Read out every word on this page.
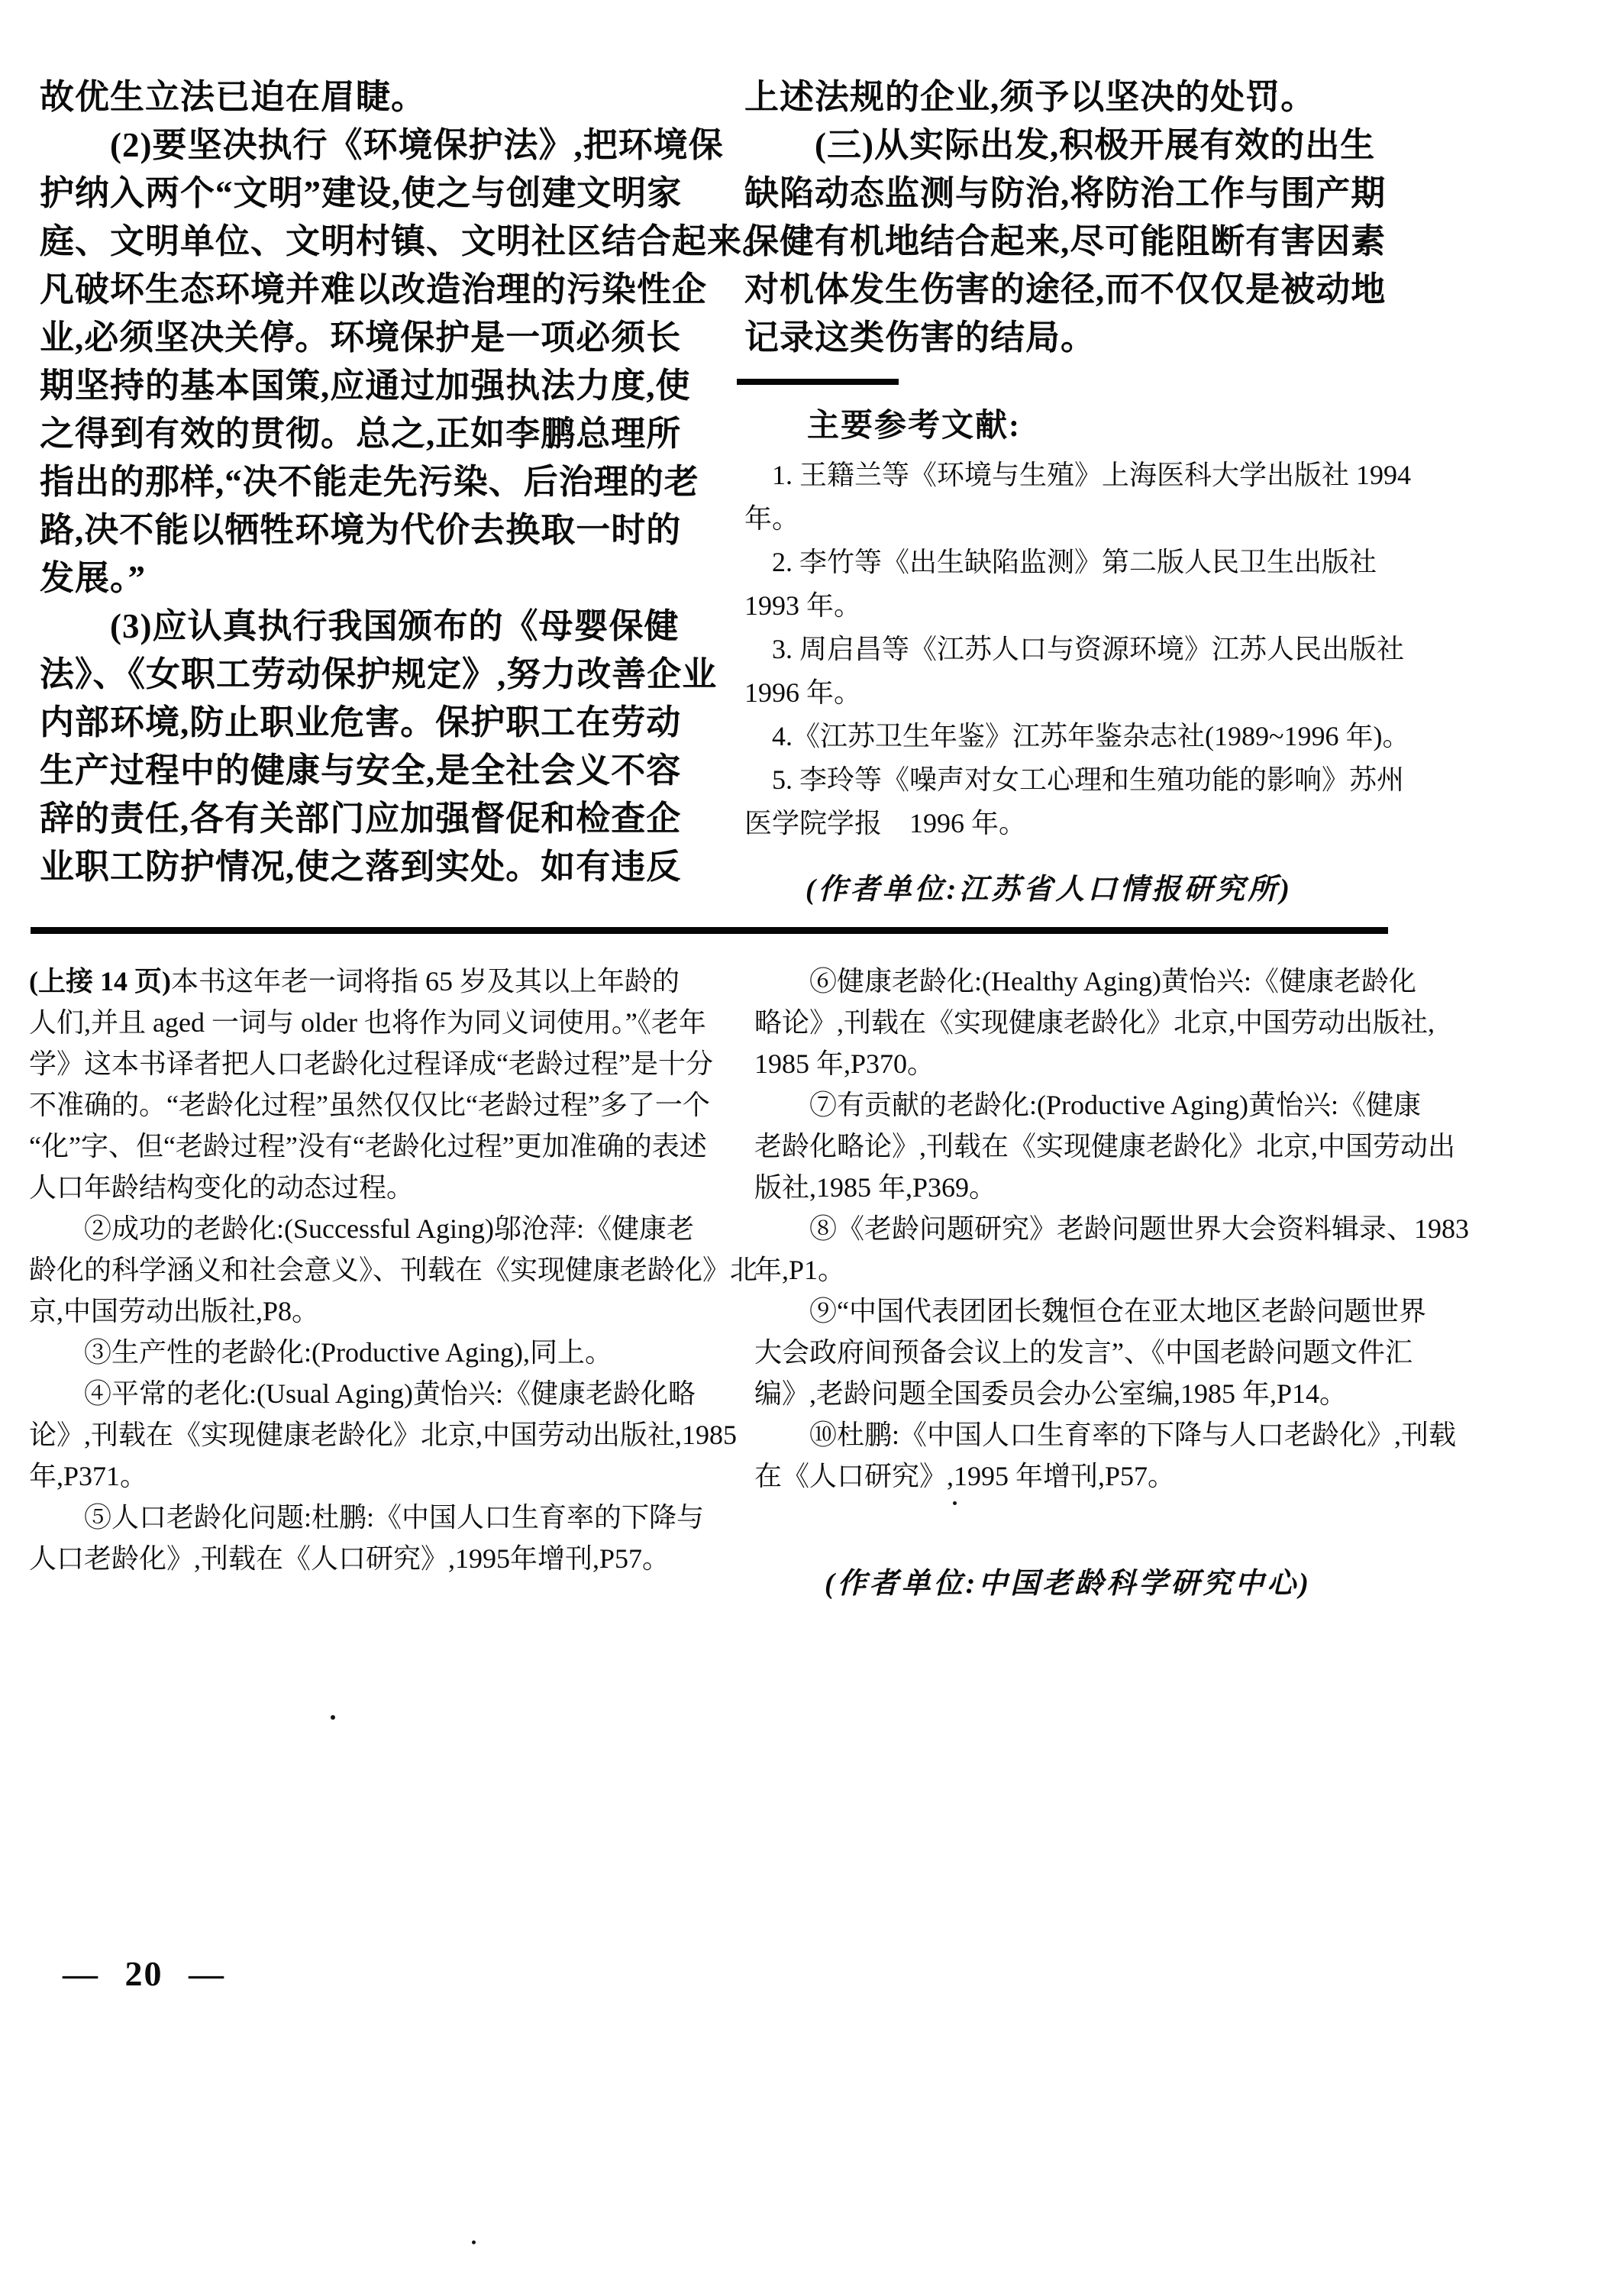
故优生立法已迫在眉睫。
　　(2)要坚决执行《环境保护法》,把环境保
护纳入两个“文明”建设,使之与创建文明家
庭、文明单位、文明村镇、文明社区结合起来。
凡破坏生态环境并难以改造治理的污染性企
业,必须坚决关停。环境保护是一项必须长
期坚持的基本国策,应通过加强执法力度,使
之得到有效的贯彻。总之,正如李鹏总理所
指出的那样,“决不能走先污染、后治理的老
路,决不能以牺牲环境为代价去换取一时的
发展。”
　　(3)应认真执行我国颁布的《母婴保健
法》、《女职工劳动保护规定》,努力改善企业
内部环境,防止职业危害。保护职工在劳动
生产过程中的健康与安全,是全社会义不容
辞的责任,各有关部门应加强督促和检查企
业职工防护情况,使之落到实处。如有违反
上述法规的企业,须予以坚决的处罚。
　　(三)从实际出发,积极开展有效的出生
缺陷动态监测与防治,将防治工作与围产期
保健有机地结合起来,尽可能阻断有害因素
对机体发生伤害的途径,而不仅仅是被动地
记录这类伤害的结局。
主要参考文献:
　1. 王籍兰等《环境与生殖》上海医科大学出版社 1994
年。
　2. 李竹等《出生缺陷监测》第二版人民卫生出版社
1993 年。
　3. 周启昌等《江苏人口与资源环境》江苏人民出版社
1996 年。
　4.《江苏卫生年鉴》江苏年鉴杂志社(1989~1996 年)。
　5. 李玲等《噪声对女工心理和生殖功能的影响》苏州
医学院学报　1996 年。
(作者单位:江苏省人口情报研究所)
(上接 14 页)本书这年老一词将指 65 岁及其以上年龄的
人们,并且 aged 一词与 older 也将作为同义词使用。”《老年
学》这本书译者把人口老龄化过程译成“老龄过程”是十分
不准确的。“老龄化过程”虽然仅仅比“老龄过程”多了一个
“化”字、但“老龄过程”没有“老龄化过程”更加准确的表述
人口年龄结构变化的动态过程。
　　②成功的老龄化:(Successful Aging)邬沧萍:《健康老
龄化的科学涵义和社会意义》、刊载在《实现健康老龄化》北
京,中国劳动出版社,P8。
　　③生产性的老龄化:(Productive Aging),同上。
　　④平常的老化:(Usual Aging)黄怡兴:《健康老龄化略
论》,刊载在《实现健康老龄化》北京,中国劳动出版社,1985
年,P371。
　　⑤人口老龄化问题:杜鹏:《中国人口生育率的下降与
人口老龄化》,刊载在《人口研究》,1995年增刊,P57。
　　⑥健康老龄化:(Healthy Aging)黄怡兴:《健康老龄化
略论》,刊载在《实现健康老龄化》北京,中国劳动出版社,
1985 年,P370。
　　⑦有贡献的老龄化:(Productive Aging)黄怡兴:《健康
老龄化略论》,刊载在《实现健康老龄化》北京,中国劳动出
版社,1985 年,P369。
　　⑧《老龄问题研究》老龄问题世界大会资料辑录、1983
年,P1。
　　⑨“中国代表团团长魏恒仓在亚太地区老龄问题世界
大会政府间预备会议上的发言”、《中国老龄问题文件汇
编》,老龄问题全国委员会办公室编,1985 年,P14。
　　⑩杜鹏:《中国人口生育率的下降与人口老龄化》,刊载
在《人口研究》,1995 年增刊,P57。
(作者单位:中国老龄科学研究中心)
— 20 —
